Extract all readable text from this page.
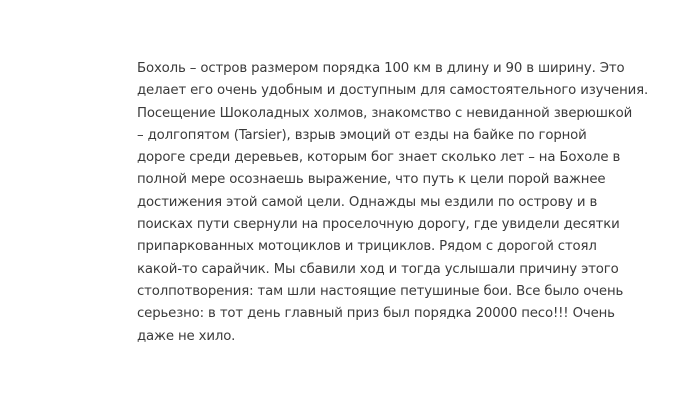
Бохоль – остров размером порядка 100 км в длину и 90 в ширину. Это
делает его очень удобным и доступным для самостоятельного изучения.
Посещение Шоколадных холмов, знакомство с невиданной зверюшкой
– долгопятом (Tarsier), взрыв эмоций от езды на байке по горной
дороге среди деревьев, которым бог знает сколько лет – на Бохоле в
полной мере осознаешь выражение, что путь к цели порой важнее
достижения этой самой цели. Однажды мы ездили по острову и в
поисках пути свернули на проселочную дорогу, где увидели десятки
припаркованных мотоциклов и трициклов. Рядом с дорогой стоял
какой-то сарайчик. Мы сбавили ход и тогда услышали причину этого
столпотворения: там шли настоящие петушиные бои. Все было очень
серьезно: в тот день главный приз был порядка 20000 песо!!! Очень
даже не хило.
